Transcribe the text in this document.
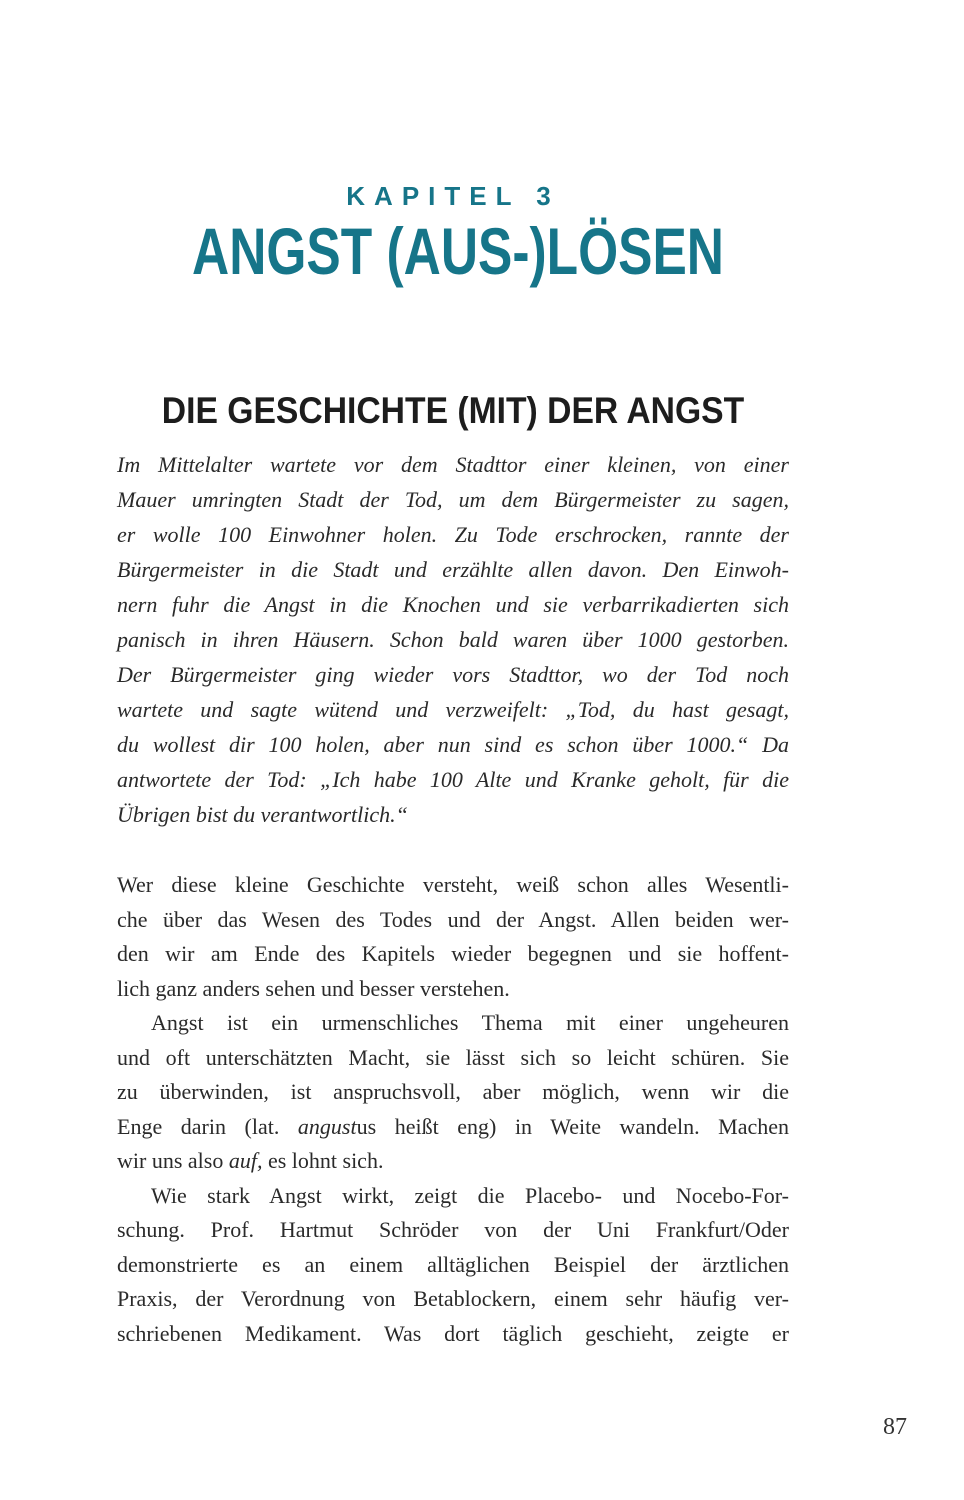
KAPITEL 3
ANGST (AUS-)LÖSEN
DIE GESCHICHTE (MIT) DER ANGST
Im Mittelalter wartete vor dem Stadttor einer kleinen, von einer
Mauer umringten Stadt der Tod, um dem Bürgermeister zu sagen,
er wolle 100 Einwohner holen. Zu Tode erschrocken, rannte der
Bürgermeister in die Stadt und erzählte allen davon. Den Einwoh-
nern fuhr die Angst in die Knochen und sie verbarrikadierten sich
panisch in ihren Häusern. Schon bald waren über 1000 gestorben.
Der Bürgermeister ging wieder vors Stadttor, wo der Tod noch
wartete und sagte wütend und verzweifelt: „Tod, du hast gesagt,
du wollest dir 100 holen, aber nun sind es schon über 1000.“ Da
antwortete der Tod: „Ich habe 100 Alte und Kranke geholt, für die
Übrigen bist du verantwortlich.“
Wer diese kleine Geschichte versteht, weiß schon alles Wesentli-
che über das Wesen des Todes und der Angst. Allen beiden wer-
den wir am Ende des Kapitels wieder begegnen und sie hoffent-
lich ganz anders sehen und besser verstehen.
Angst ist ein urmenschliches Thema mit einer ungeheuren
und oft unterschätzten Macht, sie lässt sich so leicht schüren. Sie
zu überwinden, ist anspruchsvoll, aber möglich, wenn wir die
Enge darin (lat. angustus heißt eng) in Weite wandeln. Machen
wir uns also auf, es lohnt sich.
Wie stark Angst wirkt, zeigt die Placebo- und Nocebo-For-
schung. Prof. Hartmut Schröder von der Uni Frankfurt/Oder
demonstrierte es an einem alltäglichen Beispiel der ärztlichen
Praxis, der Verordnung von Betablockern, einem sehr häufig ver-
schriebenen Medikament. Was dort täglich geschieht, zeigte er
87
